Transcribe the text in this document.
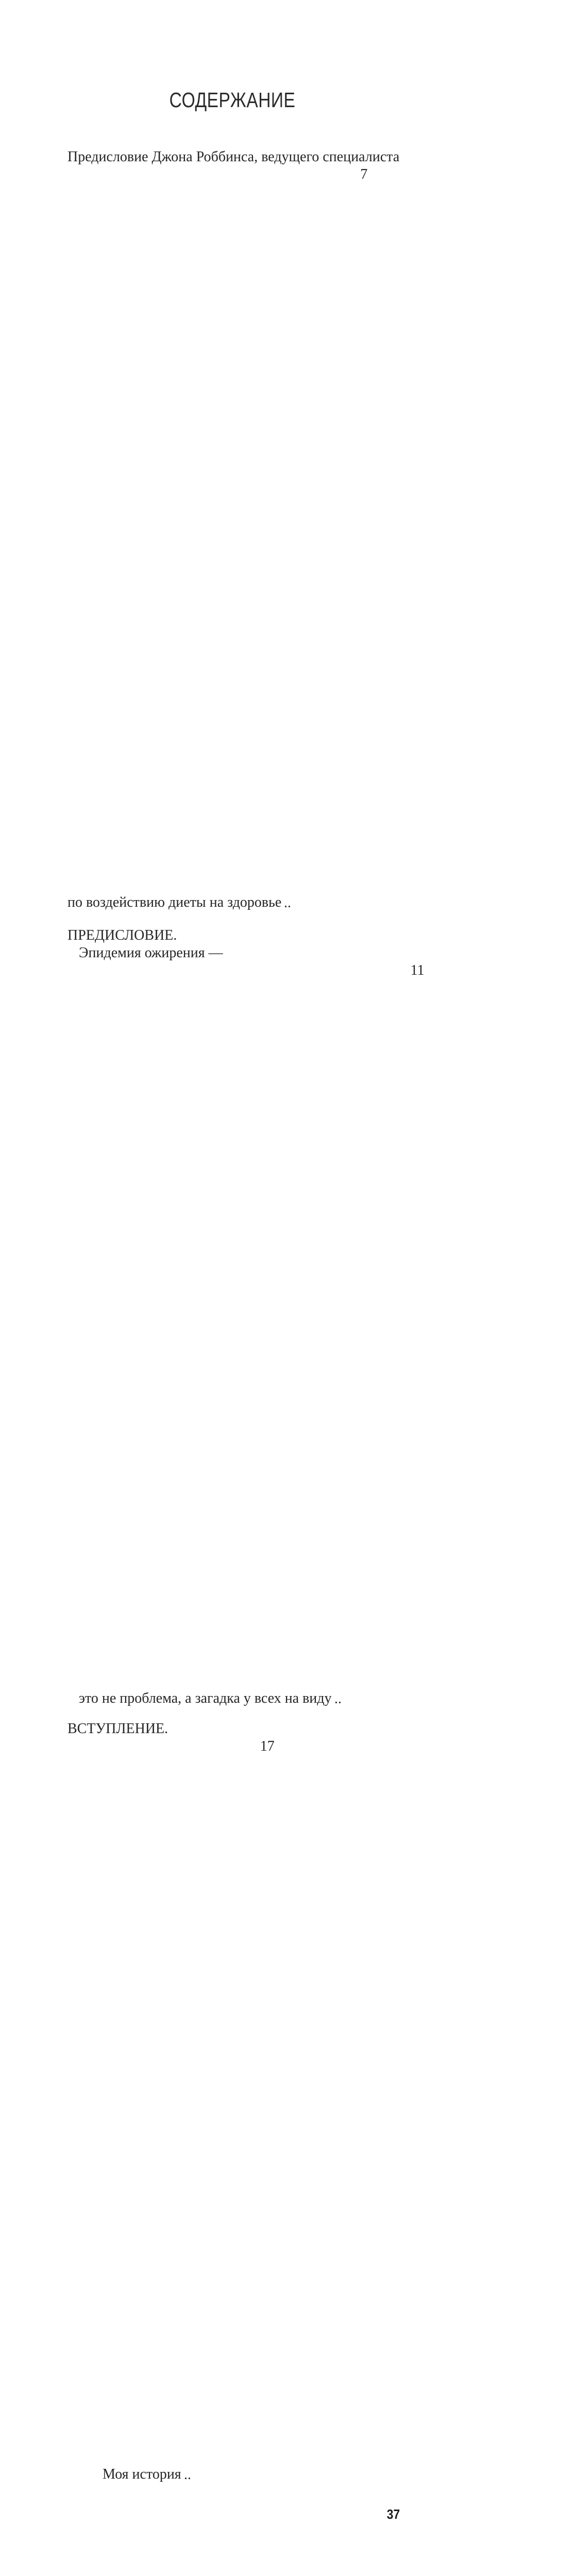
СОДЕРЖАНИЕ
Предисловие Джона Роббинса, ведущего специалиста
по воздействию диеты на здоровье
7
ПРЕДИСЛОВИЕ.
Эпидемия ожирения —
это не проблема, а загадка у всех на виду
11
ВСТУПЛЕНИЕ.
Моя история
17
37
